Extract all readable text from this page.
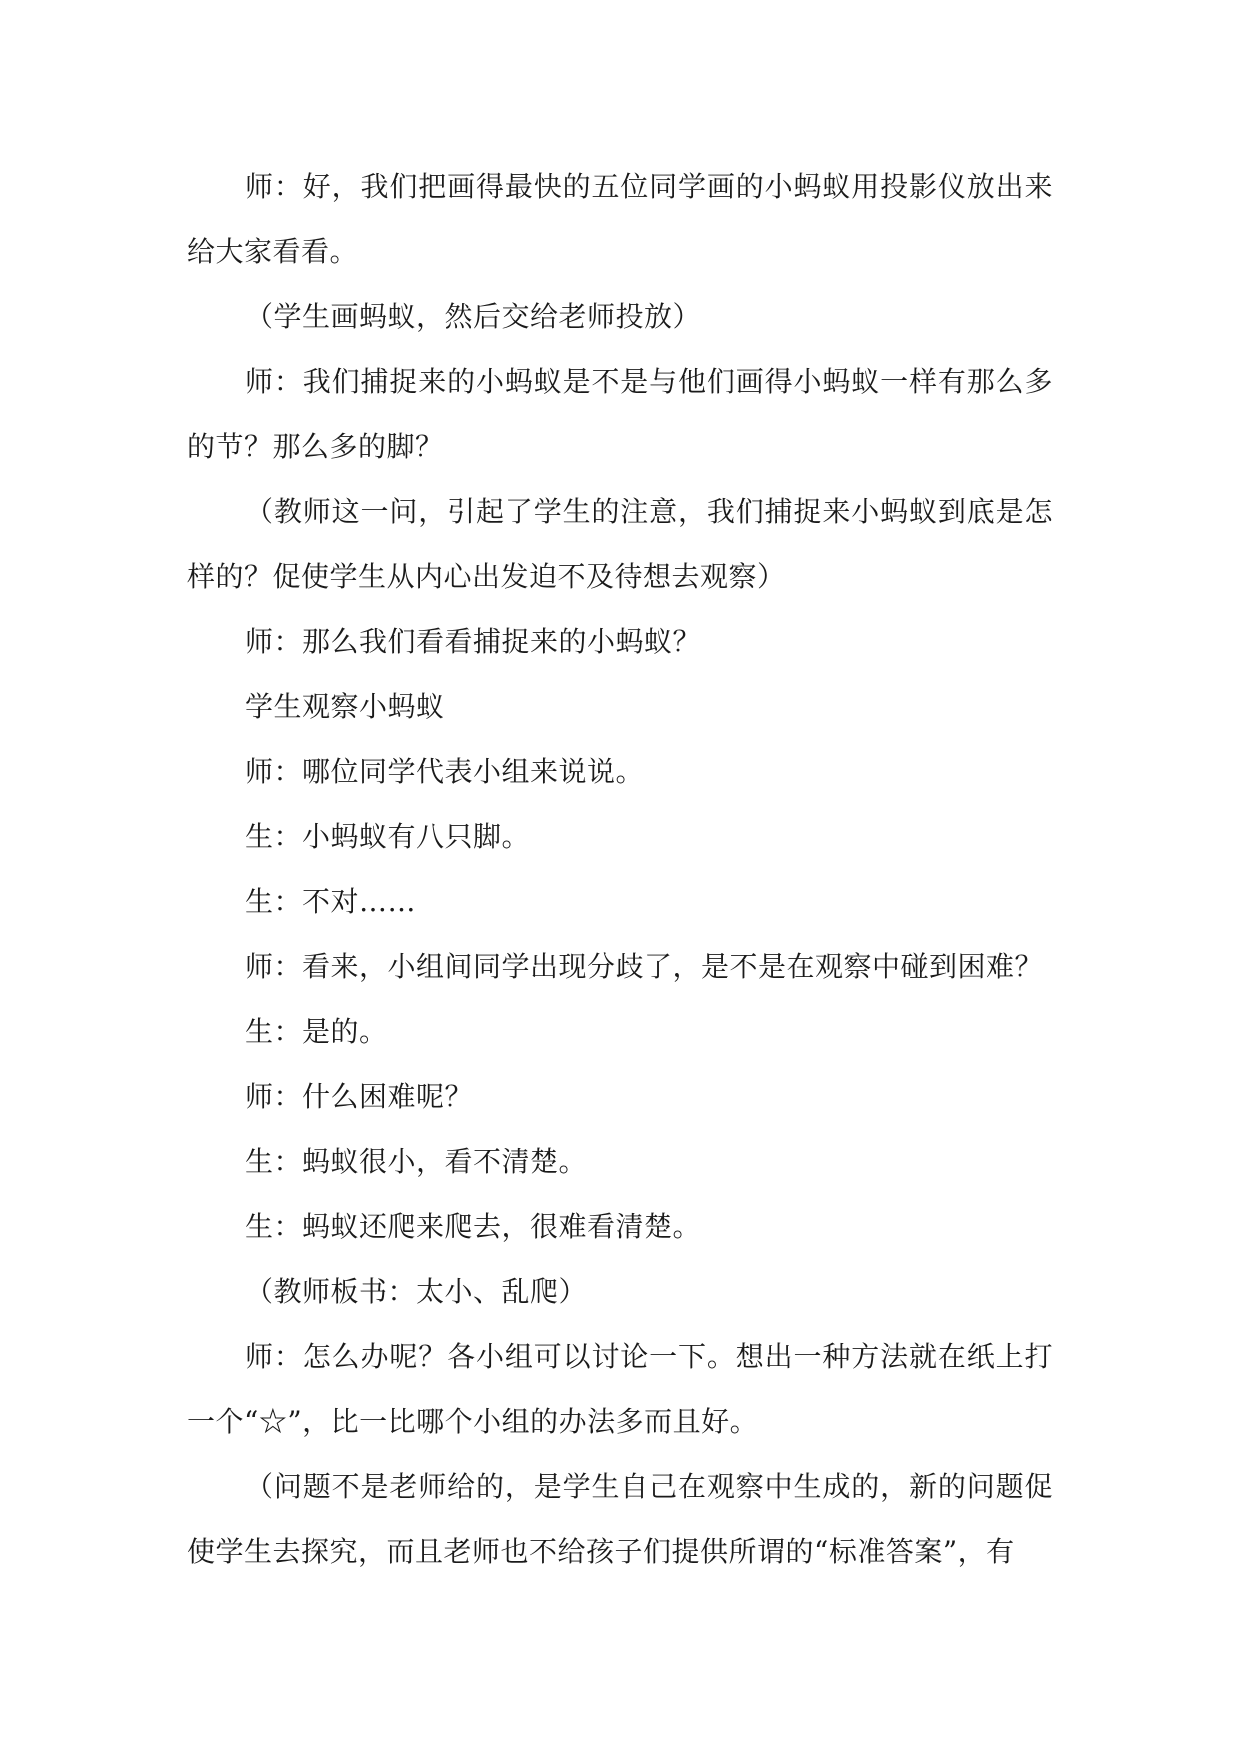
师：好，我们把画得最快的五位同学画的小蚂蚁用投影仪放出来给大家看看。

（学生画蚂蚁，然后交给老师投放）

师：我们捕捉来的小蚂蚁是不是与他们画得小蚂蚁一样有那么多的节？那么多的脚？

（教师这一问，引起了学生的注意，我们捕捉来小蚂蚁到底是怎样的？促使学生从内心出发迫不及待想去观察）

师：那么我们看看捕捉来的小蚂蚁？

学生观察小蚂蚁

师：哪位同学代表小组来说说。

生：小蚂蚁有八只脚。

生：不对……

师：看来，小组间同学出现分歧了，是不是在观察中碰到困难？

生：是的。

师：什么困难呢？

生：蚂蚁很小，看不清楚。

生：蚂蚁还爬来爬去，很难看清楚。

（教师板书：太小、乱爬）

师：怎么办呢？各小组可以讨论一下。想出一种方法就在纸上打一个“☆”，比一比哪个小组的办法多而且好。

（问题不是老师给的，是学生自己在观察中生成的，新的问题促使学生去探究，而且老师也不给孩子们提供所谓的“标准答案”，有
